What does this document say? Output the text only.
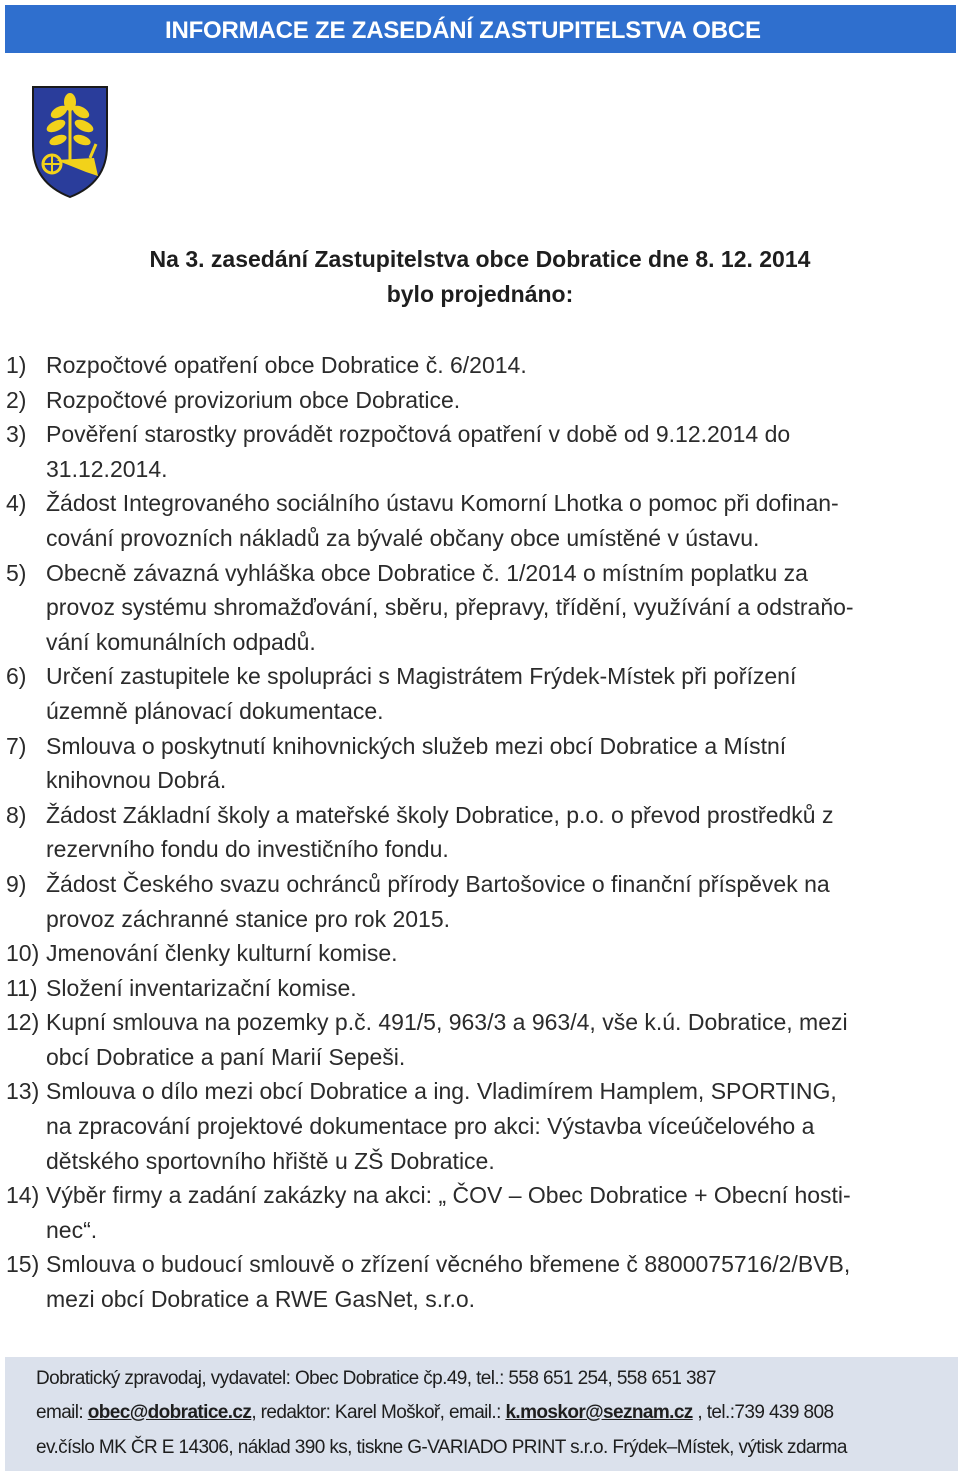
INFORMACE ZE ZASEDÁNÍ ZASTUPITELSTVA OBCE

Na 3. zasedání Zastupitelstva obce Dobratice dne 8. 12. 2014

bylo projednáno:

1) Rozpočtové opatření obce Dobratice č. 6/2014.
2) Rozpočtové provizorium obce Dobratice.
3) Pověření starostky provádět rozpočtová opatření v době od 9.12.2014 do
31.12.2014.
4) Žádost Integrovaného sociálního ústavu Komorní Lhotka o pomoc při dofinan-
cování provozních nákladů za bývalé občany obce umístěné v ústavu.
5) Obecně závazná vyhláška obce Dobratice č. 1/2014 o místním poplatku za
provoz systému shromažďování, sběru, přepravy, třídění, využívání a odstraňo-
vání komunálních odpadů.
6) Určení zastupitele ke spolupráci s Magistrátem Frýdek-Místek při pořízení
územně plánovací dokumentace.
7) Smlouva o poskytnutí knihovnických služeb mezi obcí Dobratice a Místní
knihovnou Dobrá.
8) Žádost Základní školy a mateřské školy Dobratice, p.o. o převod prostředků z
rezervního fondu do investičního fondu.
9) Žádost Českého svazu ochránců přírody Bartošovice o finanční příspěvek na
provoz záchranné stanice pro rok 2015.
10) Jmenování členky kulturní komise.
11) Složení inventarizační komise.
12) Kupní smlouva na pozemky p.č. 491/5, 963/3 a 963/4, vše k.ú. Dobratice, mezi
obcí Dobratice a paní Marií Sepeši.
13) Smlouva o dílo mezi obcí Dobratice a ing. Vladimírem Hamplem, SPORTING,
na zpracování projektové dokumentace pro akci: Výstavba víceúčelového a
dětského sportovního hřiště u ZŠ Dobratice.
14) Výběr firmy a zadání zakázky na akci: „ ČOV – Obec Dobratice + Obecní hosti-
nec“.
15) Smlouva o budoucí smlouvě o zřízení věcného břemene č 8800075716/2/BVB,
mezi obcí Dobratice a RWE GasNet, s.r.o.

Dobratický zpravodaj, vydavatel: Obec Dobratice čp.49, tel.: 558 651 254, 558 651 387

email: obec@dobratice.cz, redaktor: Karel Moškoř, email.: k.moskor@seznam.cz , tel.:739 439 808

ev.číslo MK ČR E 14306, náklad 390 ks, tiskne G-VARIADO PRINT s.r.o. Frýdek–Místek, výtisk zdarma
